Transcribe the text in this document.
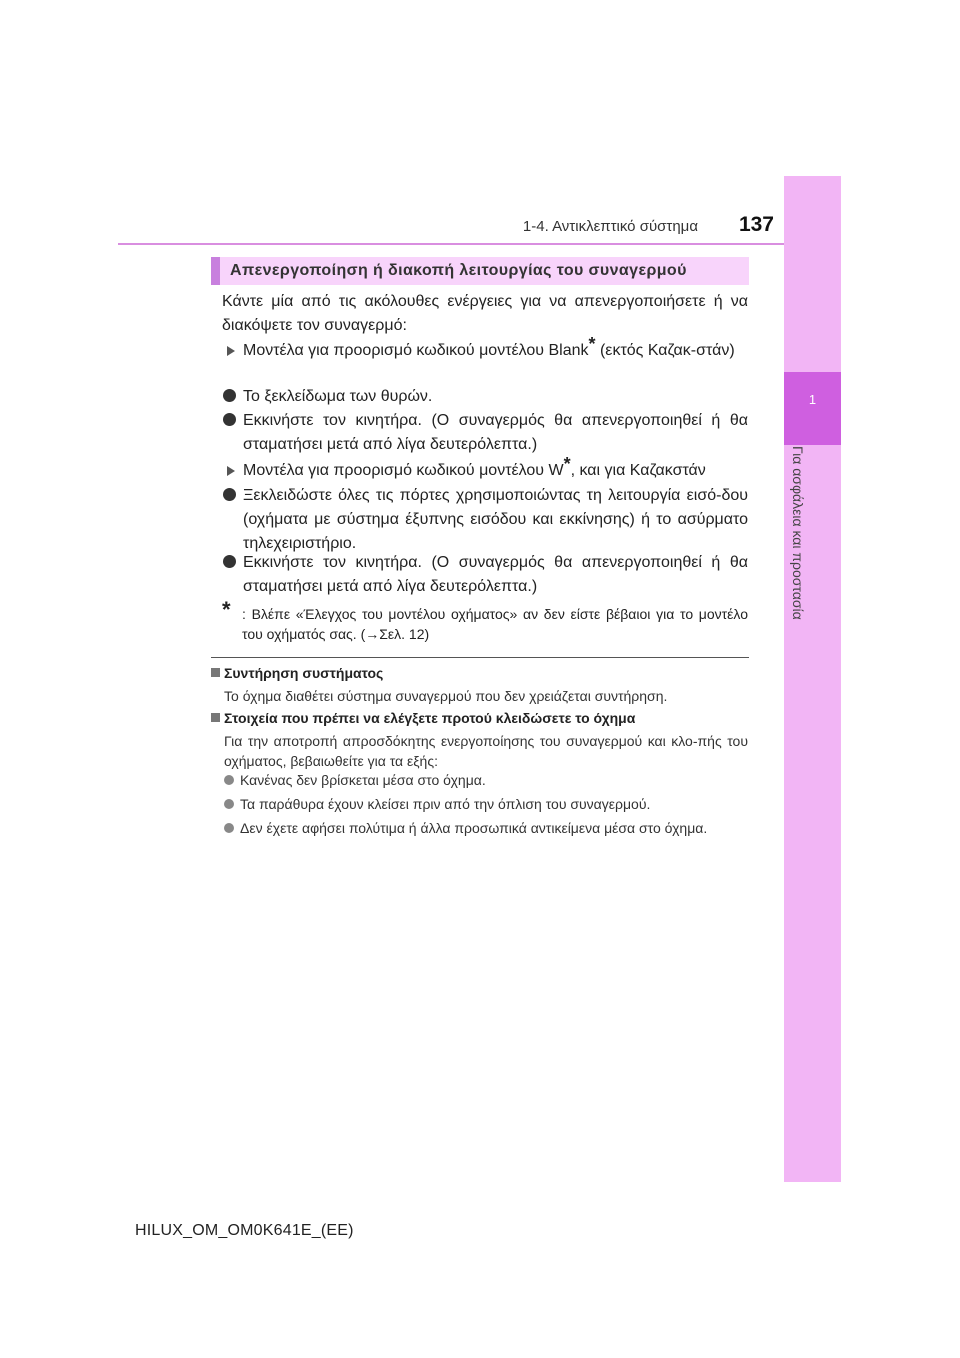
1-4. Αντικλεπτικό σύστημα 137
1
Για ασφάλεια και προστασία
Απενεργοποίηση ή διακοπή λειτουργίας του συναγερμού
Κάντε μία από τις ακόλουθες ενέργειες για να απενεργοποιήσετε ή να διακόψετε τον συναγερμό:
Μοντέλα για προορισμό κωδικού μοντέλου Blank* (εκτός Καζακ-στάν)
Το ξεκλείδωμα των θυρών.
Εκκινήστε τον κινητήρα. (Ο συναγερμός θα απενεργοποιηθεί ή θα σταματήσει μετά από λίγα δευτερόλεπτα.)
Μοντέλα για προορισμό κωδικού μοντέλου W*, και για Καζακστάν
Ξεκλειδώστε όλες τις πόρτες χρησιμοποιώντας τη λειτουργία εισό-δου (οχήματα με σύστημα έξυπνης εισόδου και εκκίνησης) ή το ασύρματο τηλεχειριστήριο.
Εκκινήστε τον κινητήρα. (Ο συναγερμός θα απενεργοποιηθεί ή θα σταματήσει μετά από λίγα δευτερόλεπτα.)
* : Βλέπε «Έλεγχος του μοντέλου οχήματος» αν δεν είστε βέβαιοι για το μοντέλο του οχήματός σας. (→Σελ. 12)
Συντήρηση συστήματος
Το όχημα διαθέτει σύστημα συναγερμού που δεν χρειάζεται συντήρηση.
Στοιχεία που πρέπει να ελέγξετε προτού κλειδώσετε το όχημα
Για την αποτροπή απροσδόκητης ενεργοποίησης του συναγερμού και κλο-πής του οχήματος, βεβαιωθείτε για τα εξής:
Κανένας δεν βρίσκεται μέσα στο όχημα.
Τα παράθυρα έχουν κλείσει πριν από την όπλιση του συναγερμού.
Δεν έχετε αφήσει πολύτιμα ή άλλα προσωπικά αντικείμενα μέσα στο όχημα.
HILUX_OM_OM0K641E_(EE)
